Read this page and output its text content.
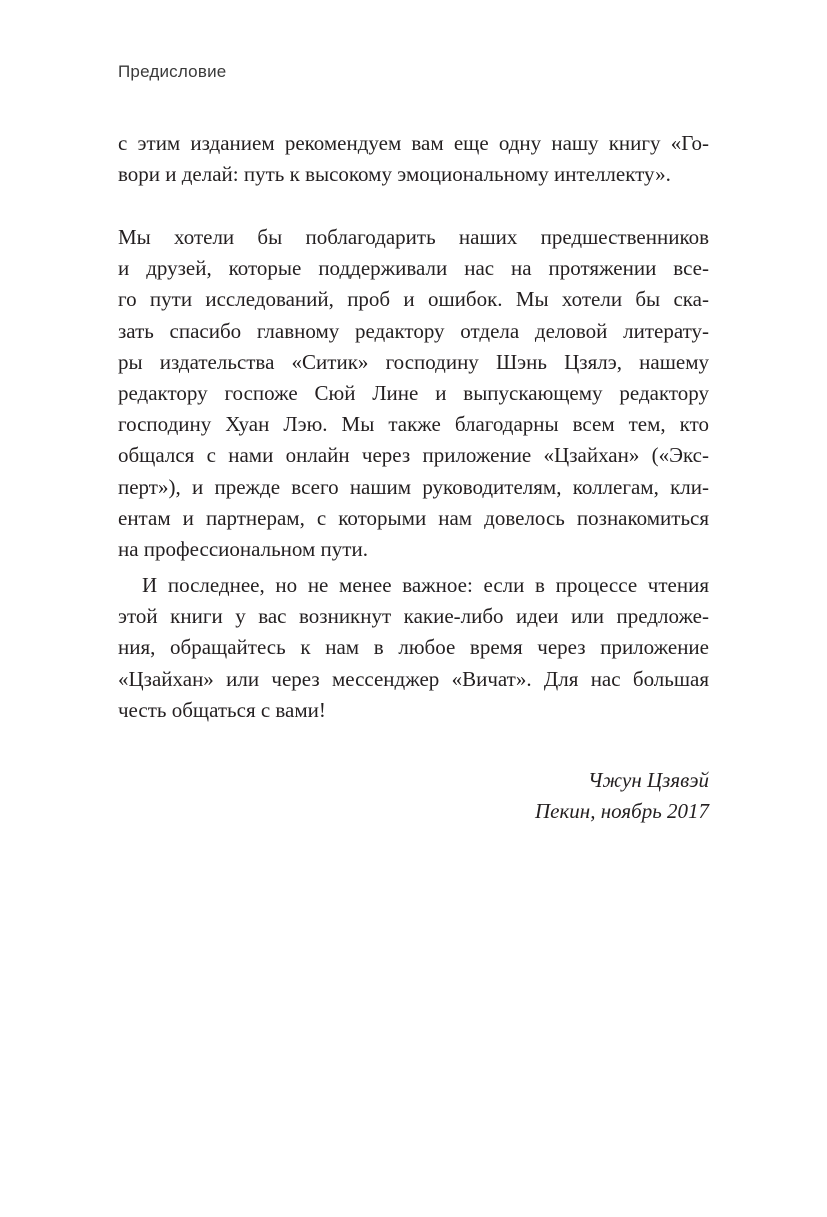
Предисловие
с этим изданием рекомендуем вам еще одну нашу книгу «Го-
вори и делай: путь к высокому эмоциональному интеллекту».
Мы хотели бы поблагодарить наших предшественников
и друзей, которые поддерживали нас на протяжении все-
го пути исследований, проб и ошибок. Мы хотели бы ска-
зать спасибо главному редактору отдела деловой литерату-
ры издательства «Ситик» господину Шэнь Цзялэ, нашему
редактору госпоже Сюй Лине и выпускающему редактору
господину Хуан Лэю. Мы также благодарны всем тем, кто
общался с нами онлайн через приложение «Цзайхан» («Экс-
перт»), и прежде всего нашим руководителям, коллегам, кли-
ентам и партнерам, с которыми нам довелось познакомиться
на профессиональном пути.
И последнее, но не менее важное: если в процессе чтения
этой книги у вас возникнут какие-либо идеи или предложе-
ния, обращайтесь к нам в любое время через приложение
«Цзайхан» или через мессенджер «Вичат». Для нас большая
честь общаться с вами!
Чжун Цзявэй
Пекин, ноябрь 2017
